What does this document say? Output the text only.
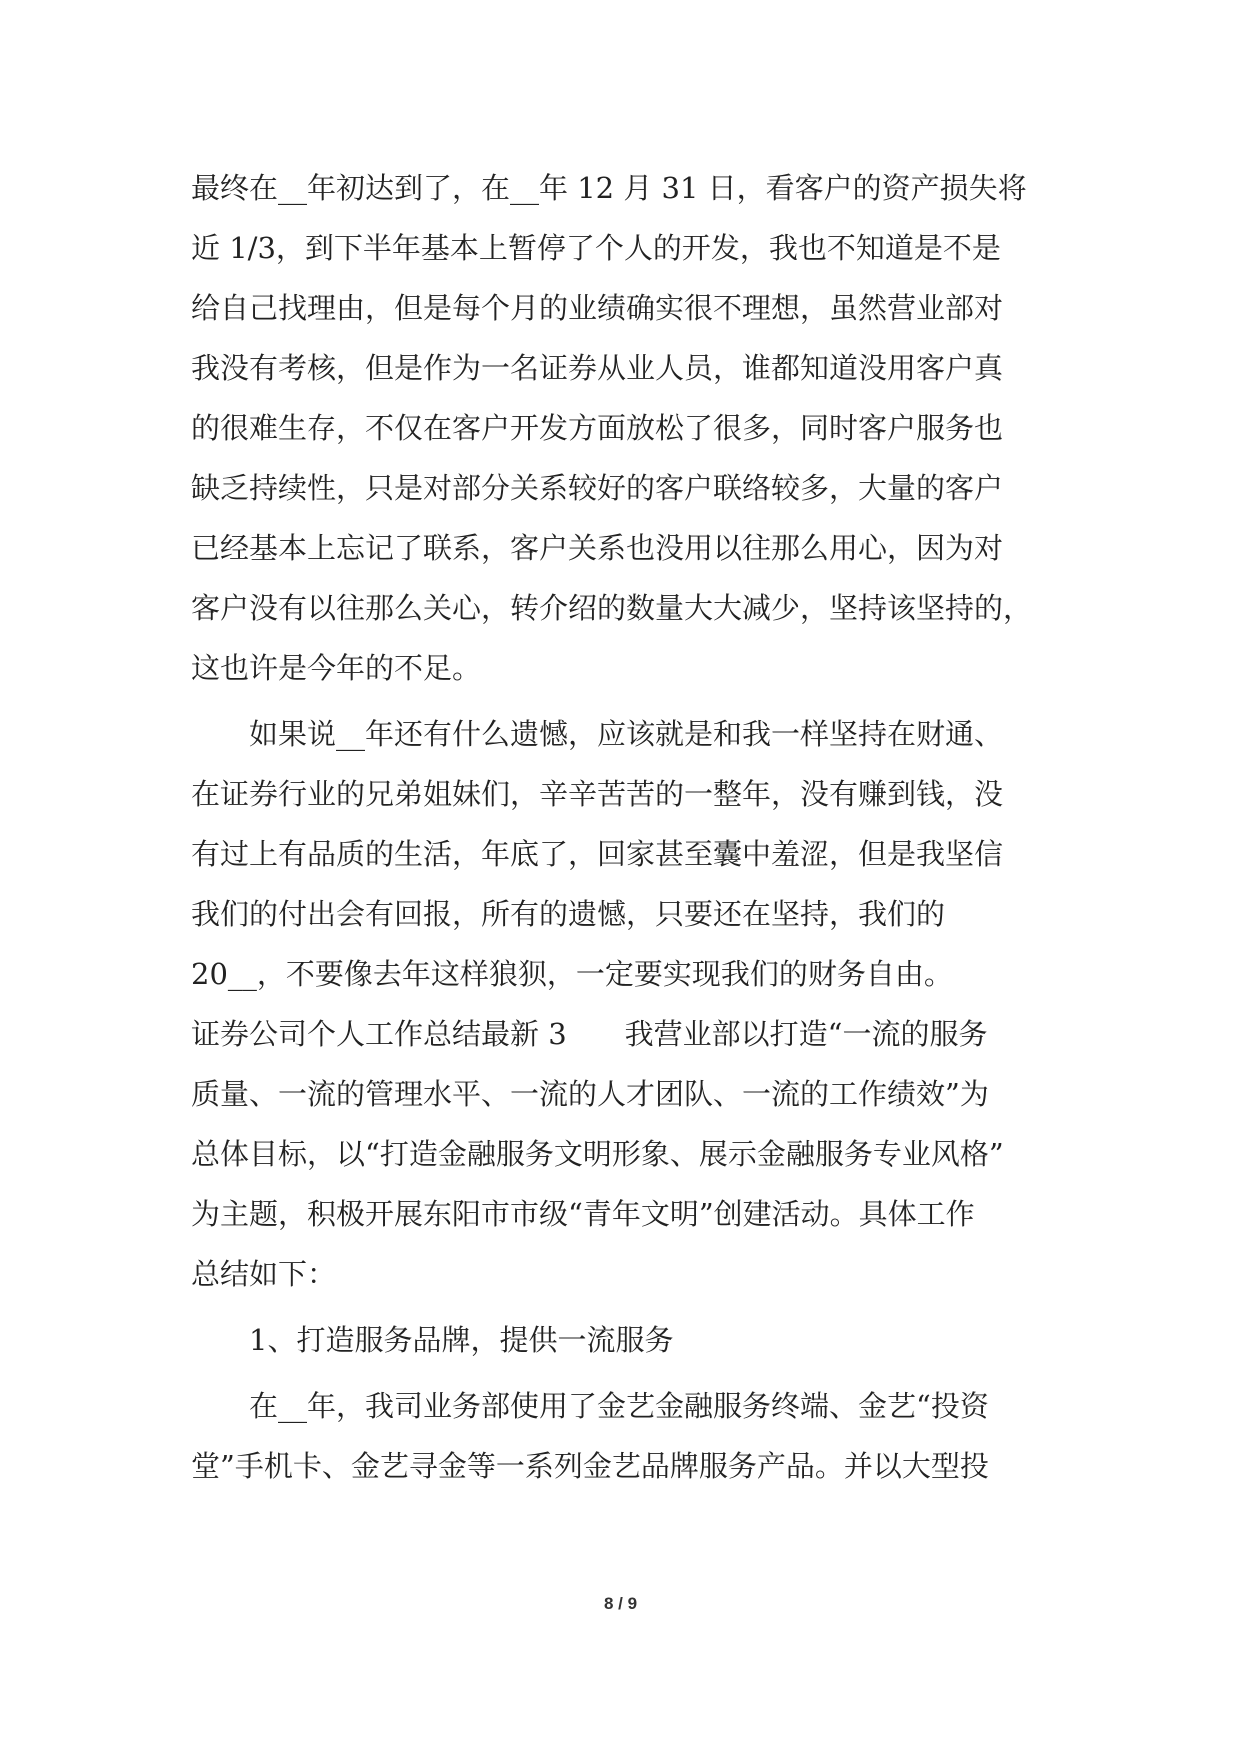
最终在__年初达到了，在__年 12 月 31 日，看客户的资产损失将
近 1/3，到下半年基本上暂停了个人的开发，我也不知道是不是
给自己找理由，但是每个月的业绩确实很不理想，虽然营业部对
我没有考核，但是作为一名证券从业人员，谁都知道没用客户真
的很难生存，不仅在客户开发方面放松了很多，同时客户服务也
缺乏持续性，只是对部分关系较好的客户联络较多，大量的客户
已经基本上忘记了联系，客户关系也没用以往那么用心，因为对
客户没有以往那么关心，转介绍的数量大大减少，坚持该坚持的，
这也许是今年的不足。
如果说__年还有什么遗憾，应该就是和我一样坚持在财通、
在证券行业的兄弟姐妹们，辛辛苦苦的一整年，没有赚到钱，没
有过上有品质的生活，年底了，回家甚至囊中羞涩，但是我坚信
我们的付出会有回报，所有的遗憾，只要还在坚持，我们的
20__，不要像去年这样狼狈，一定要实现我们的财务自由。
证券公司个人工作总结最新 3　　我营业部以打造“一流的服务
质量、一流的管理水平、一流的人才团队、一流的工作绩效”为
总体目标，以“打造金融服务文明形象、展示金融服务专业风格”
为主题，积极开展东阳市市级“青年文明”创建活动。具体工作
总结如下：
1、打造服务品牌，提供一流服务
在__年，我司业务部使用了金艺金融服务终端、金艺“投资
堂”手机卡、金艺寻金等一系列金艺品牌服务产品。并以大型投
8 / 9
